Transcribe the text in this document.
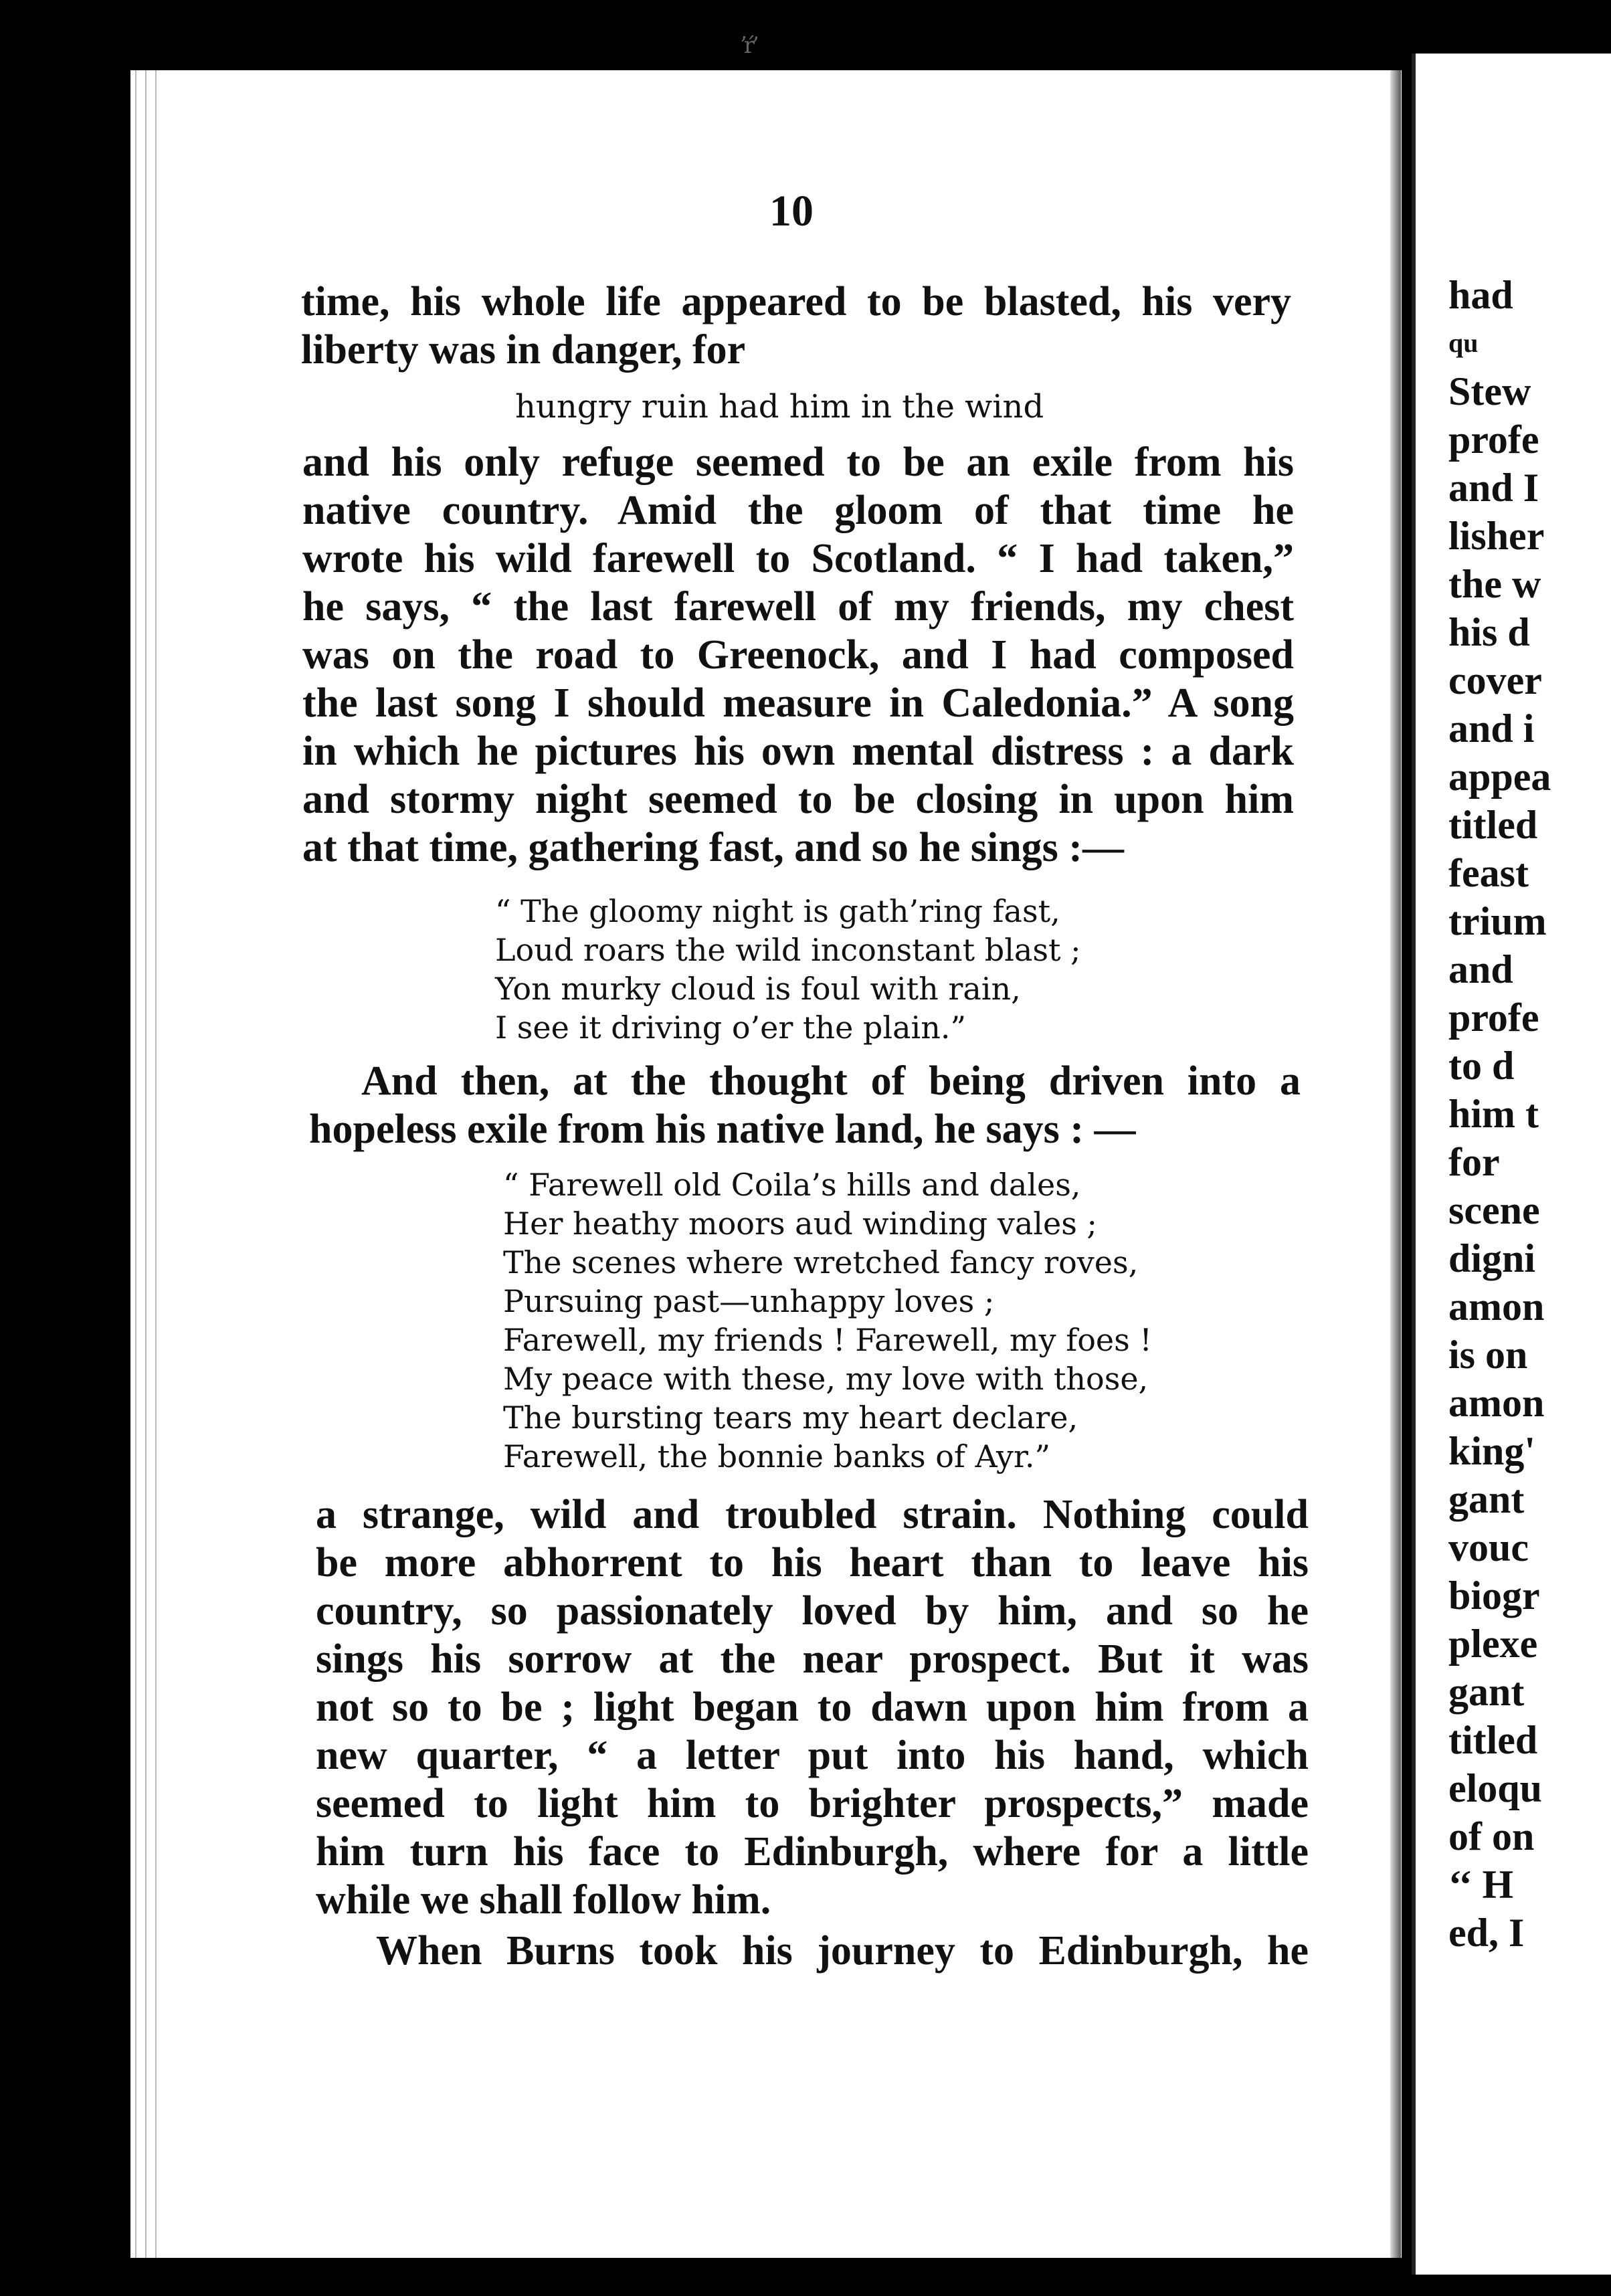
ʼŕ’
10
time, his whole life appeared to be blasted, his very
liberty was in danger, for
hungry ruin had him in the wind
and his only refuge seemed to be an exile from his
native country. Amid the gloom of that time he
wrote his wild farewell to Scotland. “ I had taken,”
he says, “ the last farewell of my friends, my chest
was on the road to Greenock, and I had composed
the last song I should measure in Caledonia.” A song
in which he pictures his own mental distress : a dark
and stormy night seemed to be closing in upon him
at that time, gathering fast, and so he sings :—
“ The gloomy night is gath’ring fast,
Loud roars the wild inconstant blast ;
Yon murky cloud is foul with rain,
I see it driving o’er the plain.”
And then, at the thought of being driven into a
hopeless exile from his native land, he says : —
“ Farewell old Coila’s hills and dales,
Her heathy moors aud winding vales ;
The scenes where wretched fancy roves,
Pursuing past—unhappy loves ;
Farewell, my friends ! Farewell, my foes !
My peace with these, my love with those,
The bursting tears my heart declare,
Farewell, the bonnie banks of Ayr.”
a strange, wild and troubled strain. Nothing could
be more abhorrent to his heart than to leave his
country, so passionately loved by him, and so he
sings his sorrow at the near prospect. But it was
not so to be ; light began to dawn upon him from a
new quarter, “ a letter put into his hand, which
seemed to light him to brighter prospects,” made
him turn his face to Edinburgh, where for a little
while we shall follow him.
When Burns took his journey to Edinburgh, he
had
qu
Stew
profe
and I
lisher
the w
his d
cover
and i
appea
titled
feast
trium
and
profe
to d
him t
for
scene
digni
amon
is on
amon
king'
gant
vouc
biogr
plexe
gant
titled
eloqu
of on
‘‘ H
ed, I
